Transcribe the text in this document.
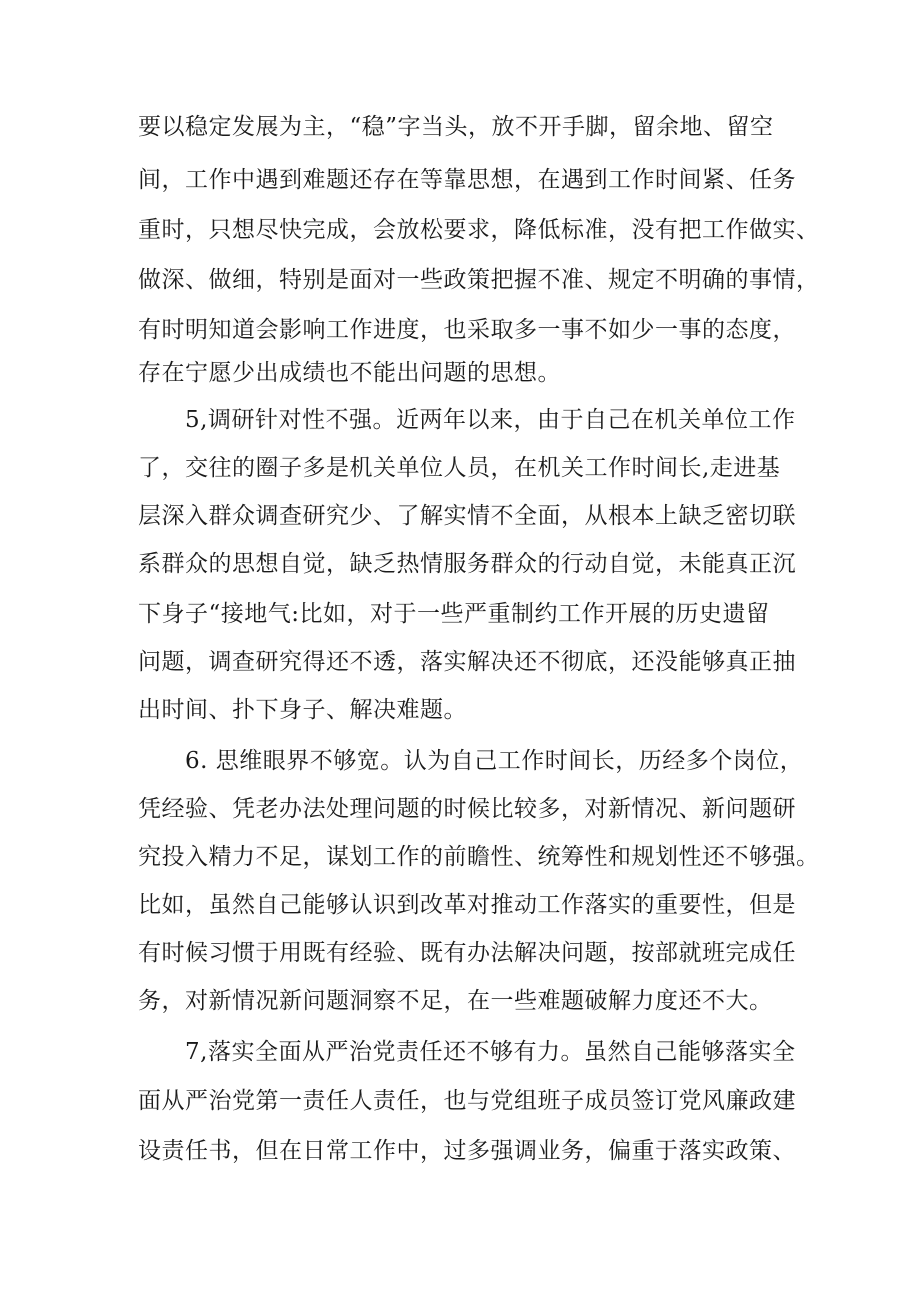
要以稳定发展为主，“稳”字当头，放不开手脚，留余地、留空
间，工作中遇到难题还存在等靠思想，在遇到工作时间紧、任务
重时，只想尽快完成，会放松要求，降低标准，没有把工作做实、
做深、做细，特别是面对一些政策把握不准、规定不明确的事情，
有时明知道会影响工作进度，也采取多一事不如少一事的态度，
存在宁愿少出成绩也不能出问题的思想。
5,调研针对性不强。近两年以来，由于自己在机关单位工作
了，交往的圈子多是机关单位人员，在机关工作时间长,走进基
层深入群众调查研究少、了解实情不全面，从根本上缺乏密切联
系群众的思想自觉，缺乏热情服务群众的行动自觉，未能真正沉
下身子“接地气:比如，对于一些严重制约工作开展的历史遗留
问题，调查研究得还不透，落实解决还不彻底，还没能够真正抽
出时间、扑下身子、解决难题。
6. 思维眼界不够宽。认为自己工作时间长，历经多个岗位，
凭经验、凭老办法处理问题的时候比较多，对新情况、新问题研
究投入精力不足，谋划工作的前瞻性、统筹性和规划性还不够强。
比如，虽然自己能够认识到改革对推动工作落实的重要性，但是
有时候习惯于用既有经验、既有办法解决问题，按部就班完成任
务，对新情况新问题洞察不足，在一些难题破解力度还不大。
7,落实全面从严治党责任还不够有力。虽然自己能够落实全
面从严治党第一责任人责任，也与党组班子成员签订党风廉政建
设责任书，但在日常工作中，过多强调业务，偏重于落实政策、
